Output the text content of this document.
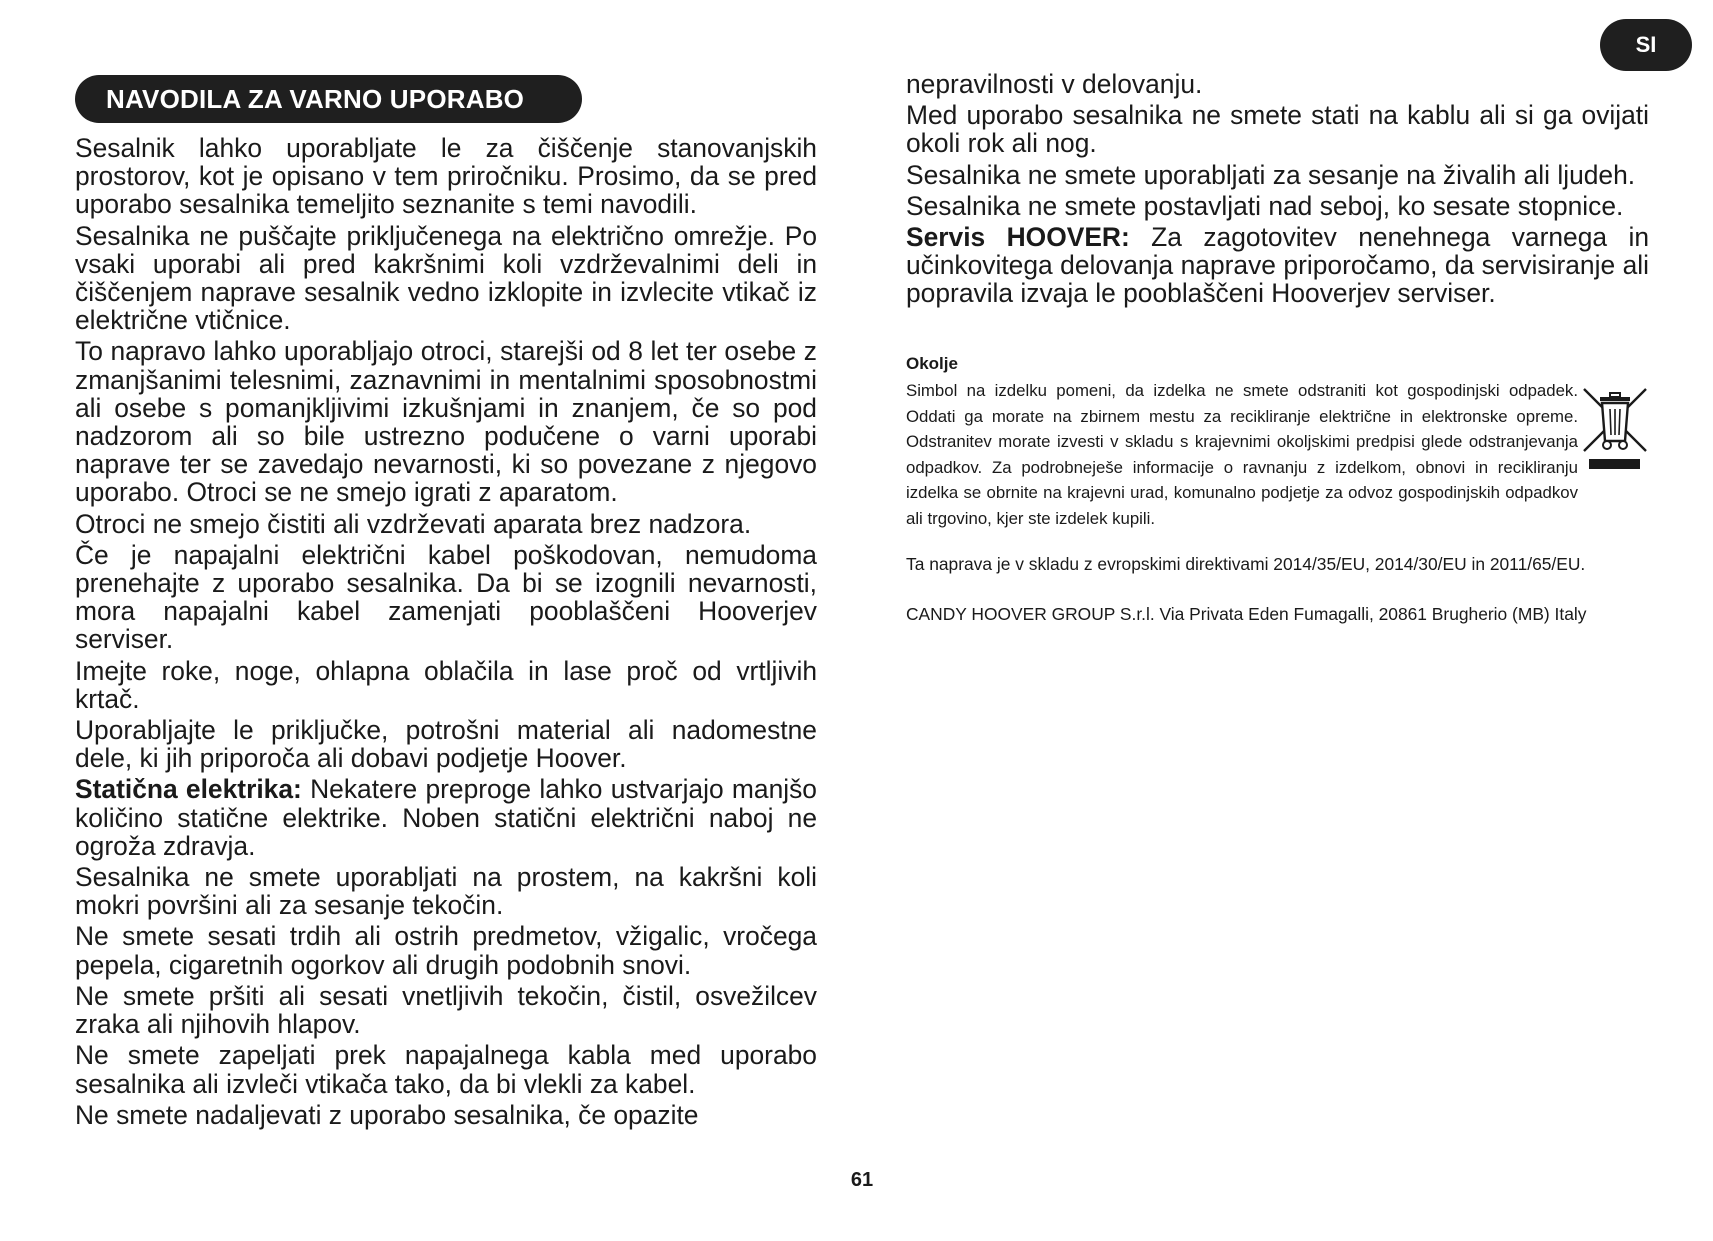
SI
NAVODILA ZA VARNO UPORABO

Sesalnik lahko uporabljate le za čiščenje stanovanjskih prostorov, kot je opisano v tem priročniku. Prosimo, da se pred uporabo sesalnika temeljito seznanite s temi navodili.

Sesalnika ne puščajte priključenega na električno omrežje. Po vsaki uporabi ali pred kakršnimi koli vzdrževalnimi deli in čiščenjem naprave sesalnik vedno izklopite in izvlecite vtikač iz električne vtičnice.

To napravo lahko uporabljajo otroci, starejši od 8 let ter osebe z zmanjšanimi telesnimi, zaznavnimi in mentalnimi sposobnostmi ali osebe s pomanjkljivimi izkušnjami in znanjem, če so pod nadzorom ali so bile ustrezno podučene o varni uporabi naprave ter se zavedajo nevarnosti, ki so povezane z njegovo uporabo. Otroci se ne smejo igrati z aparatom.

Otroci ne smejo čistiti ali vzdrževati aparata brez nadzora.

Če je napajalni električni kabel poškodovan, nemudoma prenehajte z uporabo sesalnika. Da bi se izognili nevarnosti, mora napajalni kabel zamenjati pooblaščeni Hooverjev serviser.

Imejte roke, noge, ohlapna oblačila in lase proč od vrtljivih krtač.

Uporabljajte le priključke, potrošni material ali nadomestne dele, ki jih priporoča ali dobavi podjetje Hoover.

Statična elektrika: Nekatere preproge lahko ustvarjajo manjšo količino statične elektrike. Noben statični električni naboj ne ogroža zdravja.

Sesalnika ne smete uporabljati na prostem, na kakršni koli mokri površini ali za sesanje tekočin.

Ne smete sesati trdih ali ostrih predmetov, vžigalic, vročega pepela, cigaretnih ogorkov ali drugih podobnih snovi.

Ne smete pršiti ali sesati vnetljivih tekočin, čistil, osvežilcev zraka ali njihovih hlapov.

Ne smete zapeljati prek napajalnega kabla med uporabo sesalnika ali izvleči vtikača tako, da bi vlekli za kabel.

Ne smete nadaljevati z uporabo sesalnika, če opazite

nepravilnosti v delovanju.

Med uporabo sesalnika ne smete stati na kablu ali si ga ovijati okoli rok ali nog.

Sesalnika ne smete uporabljati za sesanje na živalih ali ljudeh.

Sesalnika ne smete postavljati nad seboj, ko sesate stopnice.

Servis HOOVER: Za zagotovitev nenehnega varnega in učinkovitega delovanja naprave priporočamo, da servisiranje ali popravila izvaja le pooblaščeni Hooverjev serviser.

Okolje
Simbol na izdelku pomeni, da izdelka ne smete odstraniti kot gospodinjski odpadek. Oddati ga morate na zbirnem mestu za recikliranje električne in elektronske opreme. Odstranitev morate izvesti v skladu s krajevnimi okoljskimi predpisi glede odstranjevanja odpadkov. Za podrobneješe informacije o ravnanju z izdelkom, obnovi in recikliranju izdelka se obrnite na krajevni urad, komunalno podjetje za odvoz gospodinjskih odpadkov ali trgovino, kjer ste izdelek kupili.
Ta naprava je v skladu z evropskimi direktivami 2014/35/EU, 2014/30/EU in 2011/65/EU.
CANDY HOOVER GROUP S.r.l. Via Privata Eden Fumagalli, 20861 Brugherio (MB) Italy
61
